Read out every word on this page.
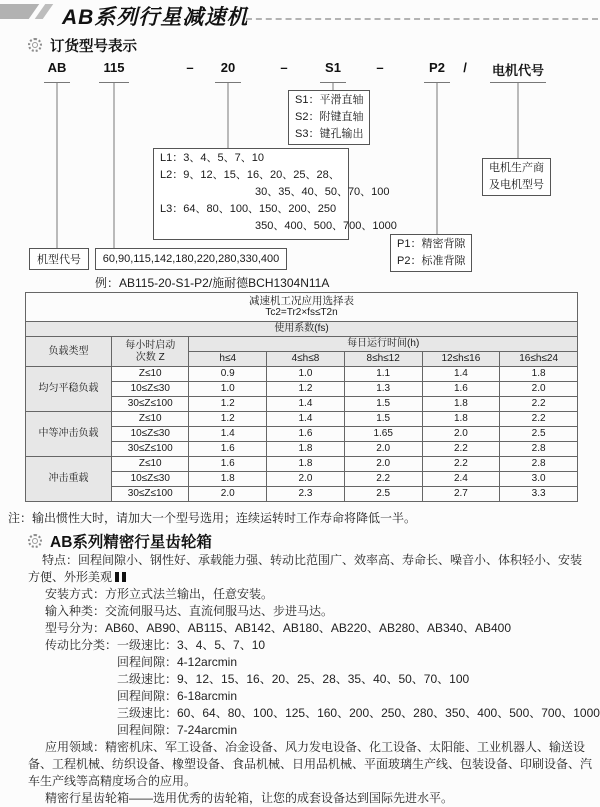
AB系列行星减速机
订货型号表示
AB	115	– 20	–	S1	–	P2 / 电机代号
S1：平滑直轴
S2：附键直轴
S3：键孔输出
电机生产商
及电机型号
L1：3、4、5、7、10
L2：9、12、15、16、20、25、28、
30、35、40、50、70、100
L3：64、80、100、150、200、250
350、400、500、700、1000
P1：精密背隙
P2：标准背隙
机型代号	60,90,115,142,180,220,280,330,400
例：AB115-20-S1-P2/施耐德BCH1304N11A
减速机工况应用选择表
Tc2=Tr2×fs≤T2n						

使用系数(fs)						
负载类型	每小时启动
次数 Z	每日运行时间(h)				
		h≤4	4≤h≤8	8≤h≤12	12≤h≤16	16≤h≤24
均匀平稳负载	Z≤10	0.9	1.0	1.1	1.4	1.8
	10≤Z≤30	1.0	1.2	1.3	1.6	2.0
	30≤Z≤100	1.2	1.4	1.5	1.8	2.2
中等冲击负载	Z≤10	1.2	1.4	1.5	1.8	2.2
	10≤Z≤30	1.4	1.6	1.65	2.0	2.5
	30≤Z≤100	1.6	1.8	2.0	2.2	2.8
冲击重载	Z≤10	1.6	1.8	2.0	2.2	2.8
	10≤Z≤30	1.8	2.0	2.2	2.4	3.0
	30≤Z≤100	2.0	2.3	2.5	2.7	3.3

注：输出惯性大时，请加大一个型号选用；连续运转时工作寿命将降低一半。

AB系列精密行星齿轮箱

特点：回程间隙小、钢性好、承载能力强、转动比范围广、效率高、寿命长、噪音小、体积轻小、安装方便、外形美观

安装方式：方形立式法兰输出，任意安装。

输入种类：交流伺服马达、直流伺服马达、步进马达。

型号分为：AB60、AB90、AB115、AB142、AB180、AB220、AB280、AB340、AB400

传动比分类：一级速比：3、4、5、7、10

回程间隙：4-12arcmin

二级速比：9、12、15、16、20、25、28、35、40、50、70、100

回程间隙：6-18arcmin

三级速比：60、64、80、100、125、160、200、250、280、350、400、500、700、1000

回程间隙：7-24arcmin

应用领域：精密机床、军工设备、冶金设备、风力发电设备、化工设备、太阳能、工业机器人、输送设备、工程机械、纺织设备、橡塑设备、食品机械、日用品机械、平面玻璃生产线、包装设备、印刷设备、汽车生产线等高精度场合的应用。

精密行星齿轮箱——选用优秀的齿轮箱，让您的成套设备达到国际先进水平。
